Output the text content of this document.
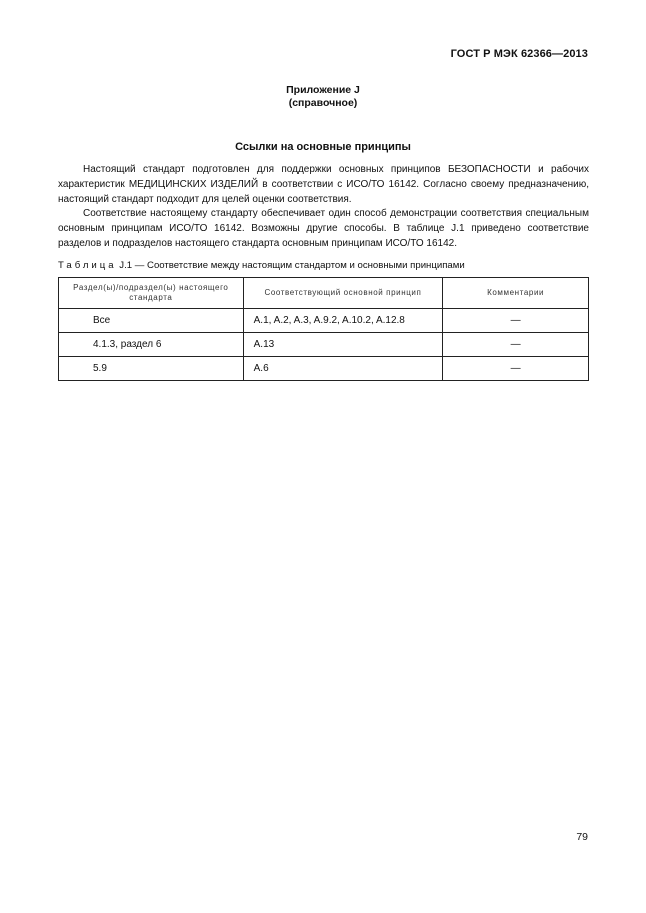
ГОСТ Р МЭК 62366—2013
Приложение J
(справочное)
Ссылки на основные принципы

Настоящий стандарт подготовлен для поддержки основных принципов БЕЗОПАСНОСТИ и рабочих характеристик МЕДИЦИНСКИХ ИЗДЕЛИЙ в соответствии с ИСО/ТО 16142. Согласно своему предназначению, настоящий стандарт подходит для целей оценки соответствия.

Соответствие настоящему стандарту обеспечивает один способ демонстрации соответствия специальным основным принципам ИСО/ТО 16142. Возможны другие способы. В таблице J.1 приведено соответствие разделов и подразделов настоящего стандарта основным принципам ИСО/ТО 16142.

Таблица J.1 — Соответствие между настоящим стандартом и основными принципами
Раздел(ы)/подраздел(ы) настоящего стандарта	Соответствующий основной принцип	Комментарии
Все	A.1, A.2, A.3, A.9.2, A.10.2, A.12.8	—
4.1.3, раздел 6	A.13	—
5.9	A.6	—
79
